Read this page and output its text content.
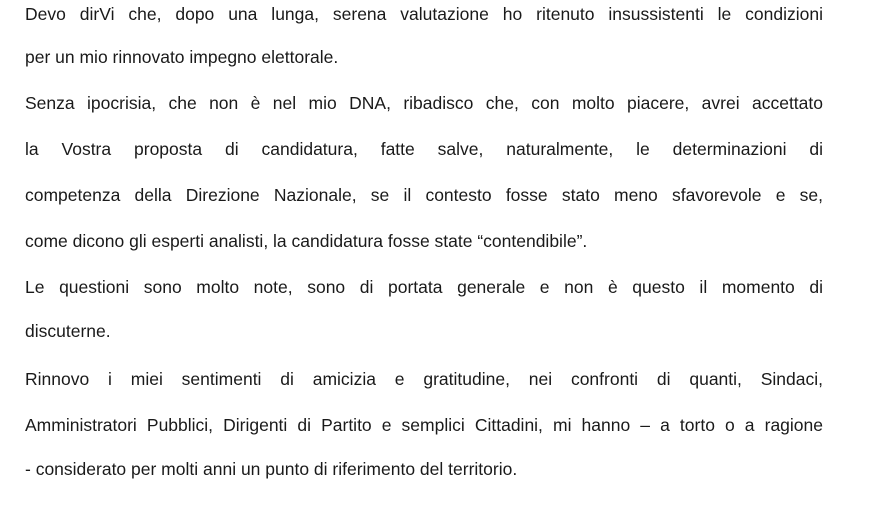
Devo dirVi che, dopo una lunga, serena valutazione ho ritenuto insussistenti le condizioni
per un mio rinnovato impegno elettorale.
Senza ipocrisia, che non è nel mio DNA, ribadisco che, con molto piacere, avrei accettato
la Vostra proposta di candidatura, fatte salve, naturalmente, le determinazioni di
competenza della Direzione Nazionale, se il contesto fosse stato meno sfavorevole e se,
come dicono gli esperti analisti, la candidatura fosse state “contendibile”.
Le questioni sono molto note, sono di portata generale e non è questo il momento di
discuterne.
Rinnovo i miei sentimenti di amicizia e gratitudine, nei confronti di quanti, Sindaci,
Amministratori Pubblici, Dirigenti di Partito e semplici Cittadini, mi hanno – a torto o a ragione
- considerato per molti anni un punto di riferimento del territorio.
